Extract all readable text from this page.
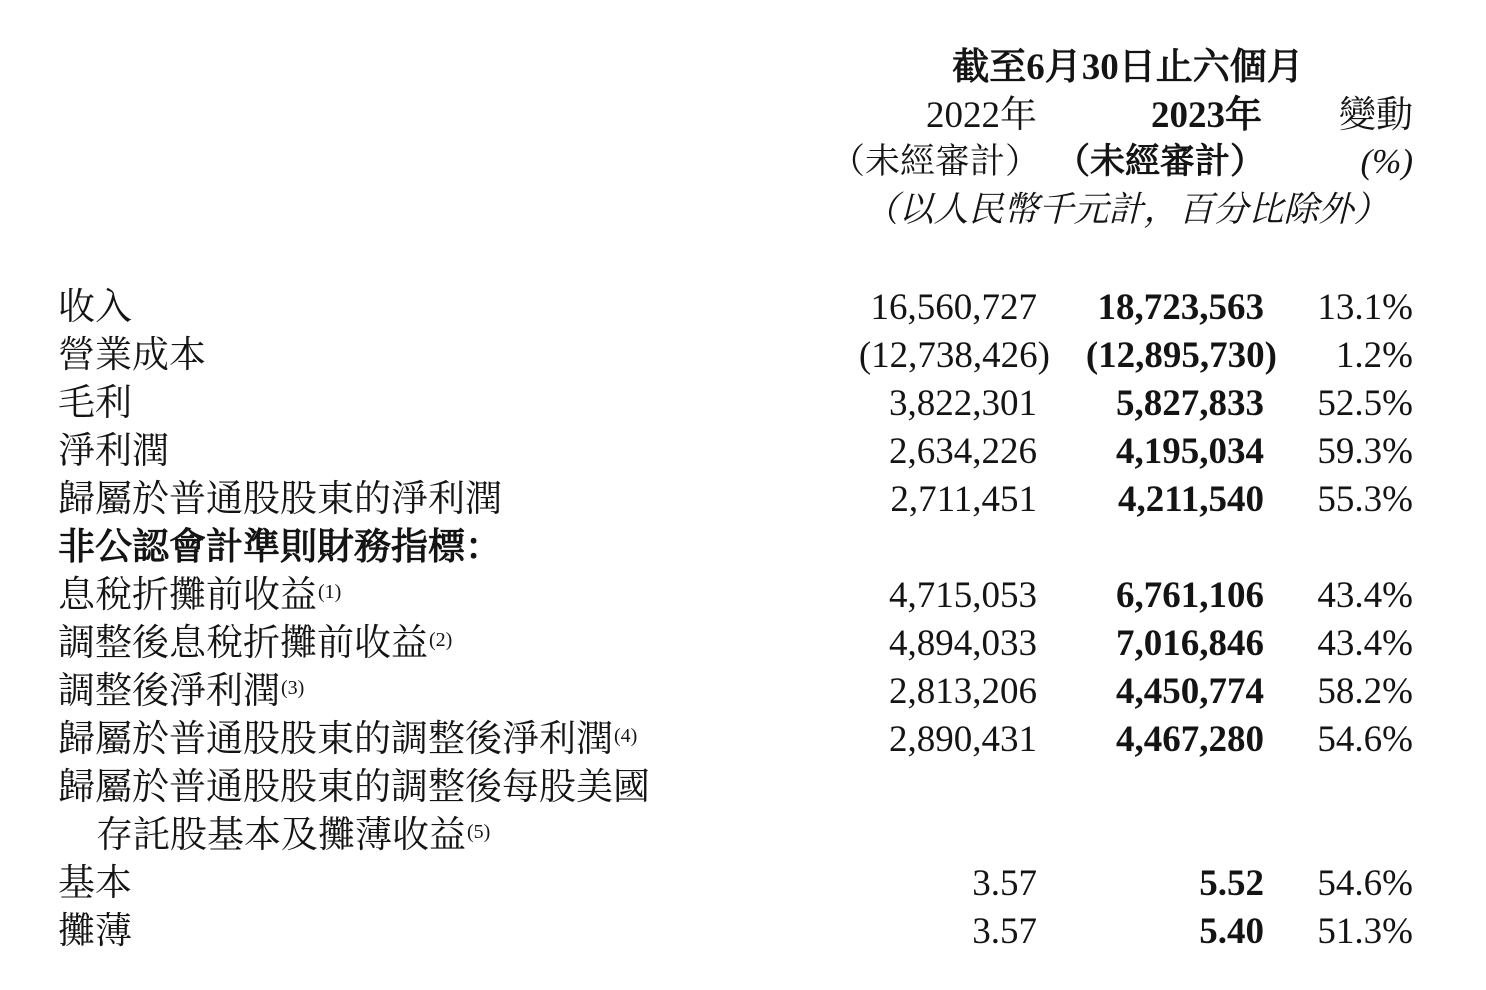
截至6月30日止六個月
2022年	2023年 變動
（未經審計） （未經審計）	(%)
（以人民幣千元計，百分比除外）
收入	16,560,727 18,723,563 13.1%
營業成本	(12,738,426) (12,895,730) 1.2%
毛利	3,822,301 5,827,833 52.5%
淨利潤	2,634,226 4,195,034 59.3%
歸屬於普通股股東的淨利潤	2,711,451 4,211,540 55.3%
非公認會計準則財務指標：
息稅折攤前收益$^{(1)}$	4,715,053 6,761,106 43.4%
調整後息稅折攤前收益$^{(2)}$	4,894,033 7,016,846 43.4%
調整後淨利潤$^{(3)}$	2,813,206 4,450,774 58.2%
歸屬於普通股股東的調整後淨利潤$^{(4)}$	2,890,431 4,467,280 54.6%
歸屬於普通股股東的調整後每股美國
存託股基本及攤薄收益$^{(5)}$
基本	3.57	5.52 54.6%
攤薄	3.57	5.40 51.3%
